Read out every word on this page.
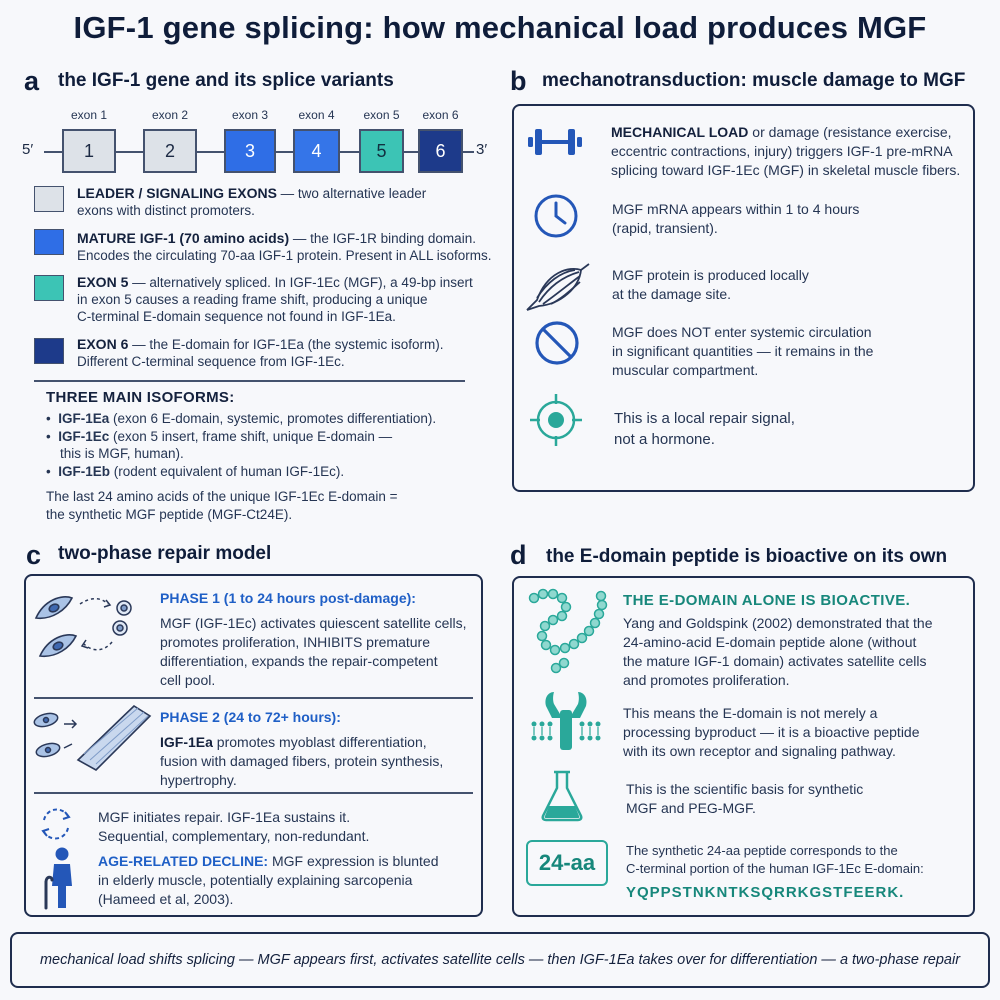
IGF-1 gene splicing: how mechanical load produces MGF
a the IGF-1 gene and its splice variants
5′	3′
exon 1
1
exon 2
2
exon 3
3
exon 4
4
exon 5
5
exon 6
6
LEADER / SIGNALING EXONS — two alternative leader
exons with distinct promoters.
MATURE IGF-1 (70 amino acids) — the IGF-1R binding domain.
Encodes the circulating 70-aa IGF-1 protein. Present in ALL isoforms.
EXON 5 — alternatively spliced. In IGF-1Ec (MGF), a 49-bp insert
in exon 5 causes a reading frame shift, producing a unique
C-terminal E-domain sequence not found in IGF-1Ea.
EXON 6 — the E-domain for IGF-1Ea (the systemic isoform).
Different C-terminal sequence from IGF-1Ec.
THREE MAIN ISOFORMS:
•  IGF-1Ea (exon 6 E-domain, systemic, promotes differentiation).
•  IGF-1Ec (exon 5 insert, frame shift, unique E-domain —
this is MGF, human).
•  IGF-1Eb (rodent equivalent of human IGF-1Ec).
The last 24 amino acids of the unique IGF-1Ec E-domain =
the synthetic MGF peptide (MGF-Ct24E).
b mechanotransduction: muscle damage to MGF
MECHANICAL LOAD or damage (resistance exercise,
eccentric contractions, injury) triggers IGF-1 pre-mRNA
splicing toward IGF-1Ec (MGF) in skeletal muscle fibers.
MGF mRNA appears within 1 to 4 hours
(rapid, transient).
MGF protein is produced locally
at the damage site.
MGF does NOT enter systemic circulation
in significant quantities — it remains in the
muscular compartment.
This is a local repair signal,
not a hormone.
c two-phase repair model
PHASE 1 (1 to 24 hours post-damage):
MGF (IGF-1Ec) activates quiescent satellite cells,
promotes proliferation, INHIBITS premature
differentiation, expands the repair-competent
cell pool.
PHASE 2 (24 to 72+ hours):
IGF-1Ea promotes myoblast differentiation,
fusion with damaged fibers, protein synthesis,
hypertrophy.
MGF initiates repair. IGF-1Ea sustains it.
Sequential, complementary, non-redundant.
AGE-RELATED DECLINE: MGF expression is blunted
in elderly muscle, potentially explaining sarcopenia
(Hameed et al, 2003).
d the E-domain peptide is bioactive on its own
24-aa
THE E-DOMAIN ALONE IS BIOACTIVE.
Yang and Goldspink (2002) demonstrated that the
24-amino-acid E-domain peptide alone (without
the mature IGF-1 domain) activates satellite cells
and promotes proliferation.
This means the E-domain is not merely a
processing byproduct — it is a bioactive peptide
with its own receptor and signaling pathway.
This is the scientific basis for synthetic
MGF and PEG-MGF.
The synthetic 24-aa peptide corresponds to the
C-terminal portion of the human IGF-1Ec E-domain:
YQPPSTNKNTKSQRRKGSTFEERK.
mechanical load shifts splicing — MGF appears first, activates satellite cells — then IGF-1Ea takes over for differentiation — a two-phase repair
